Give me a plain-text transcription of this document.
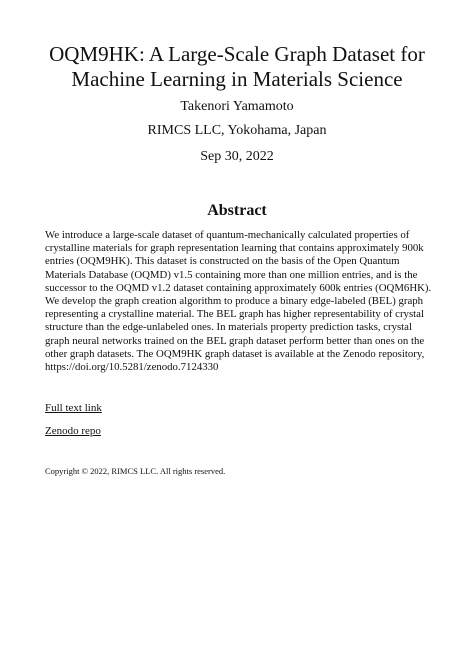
OQM9HK: A Large-Scale Graph Dataset for
Machine Learning in Materials Science
Takenori Yamamoto
RIMCS LLC, Yokohama, Japan
Sep 30, 2022
Abstract

We introduce a large-scale dataset of quantum-mechanically calculated properties of crystalline materials for graph representation learning that contains approximately 900k entries (OQM9HK). This dataset is constructed on the basis of the Open Quantum Materials Database (OQMD) v1.5 containing more than one million entries, and is the successor to the OQMD v1.2 dataset containing approximately 600k entries (OQM6HK). We develop the graph creation algorithm to produce a binary edge-labeled (BEL) graph representing a crystalline material. The BEL graph has higher representability of crystal structure than the edge-unlabeled ones. In materials property prediction tasks, crystal graph neural networks trained on the BEL graph dataset perform better than ones on the other graph datasets. The OQM9HK graph dataset is available at the Zenodo repository, https://doi.org/10.5281/zenodo.7124330

Full text link
Zenodo repo
Copyright © 2022, RIMCS LLC. All rights reserved.
